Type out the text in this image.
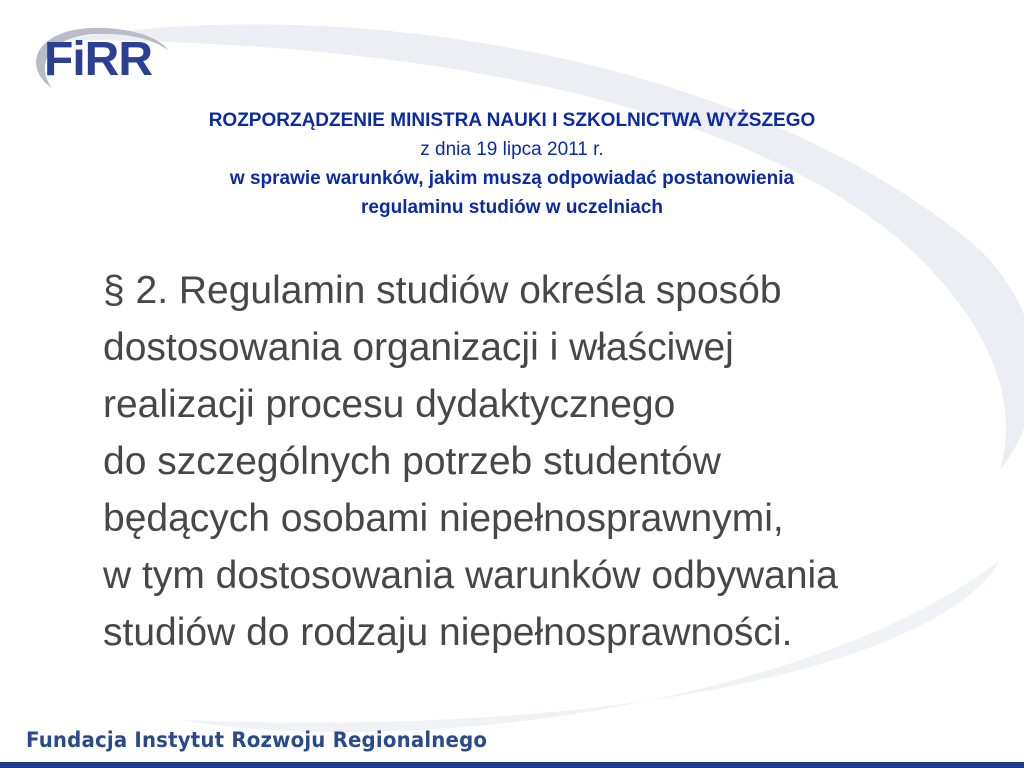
FiRR
ROZPORZĄDZENIE MINISTRA NAUKI I SZKOLNICTWA WYŻSZEGO
z dnia 19 lipca 2011 r.
w sprawie warunków, jakim muszą odpowiadać postanowienia
regulaminu studiów w uczelniach
§ 2. Regulamin studiów określa sposób
dostosowania organizacji i właściwej
realizacji procesu dydaktycznego
do szczególnych potrzeb studentów
będących osobami niepełnosprawnymi,
w tym dostosowania warunków odbywania
studiów do rodzaju niepełnosprawności.
Fundacja Instytut Rozwoju Regionalnego
